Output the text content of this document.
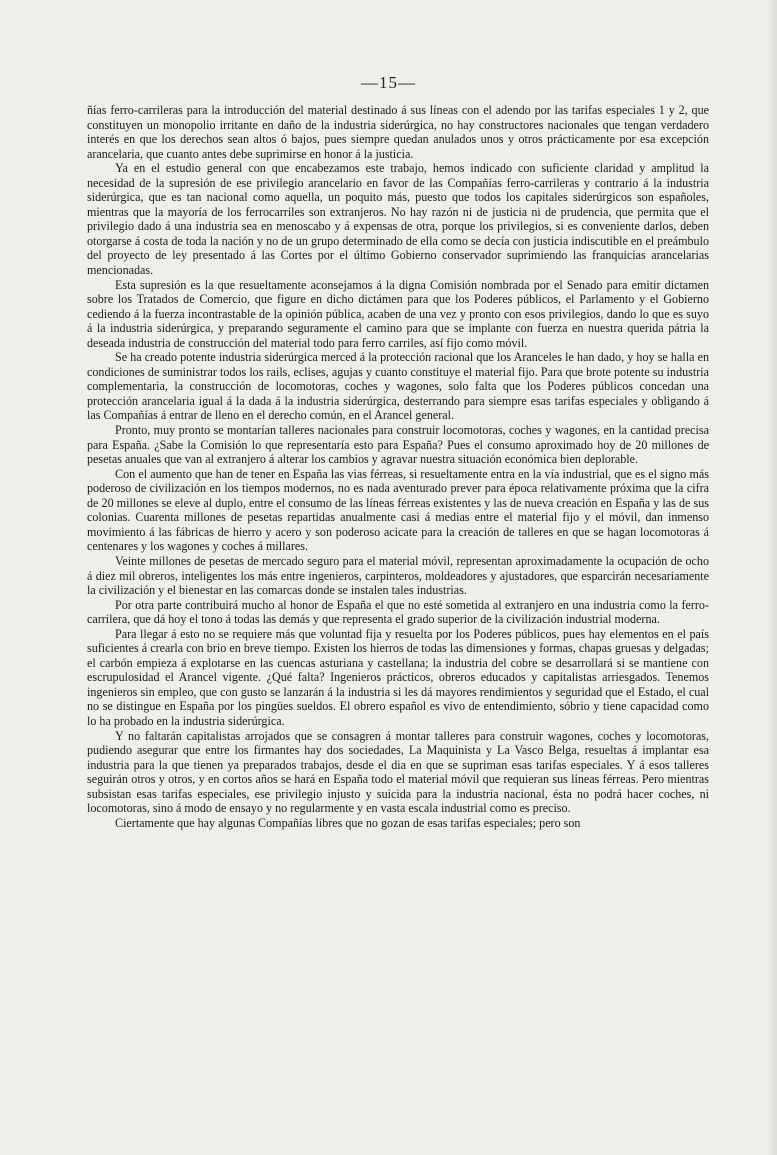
—15—

ñías ferro-carrileras para la introducción del material destinado á sus líneas con el adendo por las tarifas especiales 1 y 2, que constituyen un monopolio irritante en daño de la industria siderúrgica, no hay constructores nacionales que tengan verdadero interés en que los derechos sean altos ó bajos, pues siempre quedan anulados unos y otros prácticamente por esa excepción arancelaria, que cuanto antes debe suprimirse en honor á la justicia.

Ya en el estudio general con que encabezamos este trabajo, hemos indicado con suficiente claridad y amplitud la necesidad de la supresión de ese privilegio arancelario en favor de las Compañías ferro-carrileras y contrario á la industria siderúrgica, que es tan nacional como aquella, un poquito más, puesto que todos los capitales siderúrgicos son españoles, mientras que la mayoría de los ferrocarriles son extranjeros. No hay razón ni de justicia ni de prudencia, que permita que el privilegio dado á una industria sea en menoscabo y á expensas de otra, porque los privilegios, si es conveniente darlos, deben otorgarse á costa de toda la nación y no de un grupo determinado de ella como se decía con justicia indiscutible en el preámbulo del proyecto de ley presentado á las Cortes por el último Gobierno conservador suprimiendo las franquicias arancelarias mencionadas.

Esta supresión es la que resueltamente aconsejamos á la digna Comisión nombrada por el Senado para emitir dictamen sobre los Tratados de Comercio, que figure en dicho dictámen para que los Poderes públicos, el Parlamento y el Gobierno cediendo á la fuerza incontrastable de la opinión pública, acaben de una vez y pronto con esos privilegios, dando lo que es suyo á la industria siderúrgica, y preparando seguramente el camino para que se implante con fuerza en nuestra querida pátria la deseada industria de construcción del material todo para ferro carriles, así fijo como móvil.

Se ha creado potente industria siderúrgica merced á la protección racional que los Aranceles le han dado, y hoy se halla en condiciones de suministrar todos los rails, eclises, agujas y cuanto constituye el material fijo. Para que brote potente su industria complementaria, la construcción de locomotoras, coches y wagones, solo falta que los Poderes públicos concedan una protección arancelaria igual á la dada á la industria siderúrgica, desterrando para siempre esas tarifas especiales y obligando á las Compañías á entrar de lleno en el derecho común, en el Arancel general.

Pronto, muy pronto se montarían talleres nacionales para construir locomotoras, coches y wagones, en la cantidad precisa para España. ¿Sabe la Comisión lo que representaría esto para España? Pues el consumo aproximado hoy de 20 millones de pesetas anuales que van al extranjero á alterar los cambios y agravar nuestra situación económica bien deplorable.

Con el aumento que han de tener en España las vias férreas, si resueltamente entra en la vía industrial, que es el signo más poderoso de civilización en los tiempos modernos, no es nada aventurado prever para época relativamente próxima que la cifra de 20 millones se eleve al duplo, entre el consumo de las líneas férreas existentes y las de nueva creación en España y las de sus colonias. Cuarenta millones de pesetas repartidas anualmente casi á medias entre el material fijo y el móvil, dan inmenso movimiento á las fábricas de hierro y acero y son poderoso acicate para la creación de talleres en que se hagan locomotoras á centenares y los wagones y coches á millares.

Veinte millones de pesetas de mercado seguro para el material móvil, representan aproximadamente la ocupación de ocho á diez mil obreros, inteligentes los más entre ingenieros, carpinteros, moldeadores y ajustadores, que esparcirán necesariamente la civilización y el bienestar en las comarcas donde se instalen tales industrias.

Por otra parte contribuirá mucho al honor de España el que no esté sometida al extranjero en una industria como la ferro-carrilera, que dá hoy el tono á todas las demás y que representa el grado superior de la civilización industrial moderna.

Para llegar á esto no se requiere más que voluntad fija y resuelta por los Poderes públicos, pues hay elementos en el país suficientes á crearla con brio en breve tiempo. Existen los hierros de todas las dimensiones y formas, chapas gruesas y delgadas; el carbón empieza á explotarse en las cuencas asturiana y castellana; la industria del cobre se desarrollará si se mantiene con escrupulosidad el Arancel vigente. ¿Qué falta? Ingenieros prácticos, obreros educados y capitalistas arriesgados. Tenemos ingenieros sin empleo, que con gusto se lanzarán á la industria si les dá mayores rendimientos y seguridad que el Estado, el cual no se distingue en España por los pingües sueldos. El obrero español es vivo de entendimiento, sóbrio y tiene capacidad como lo ha probado en la industria siderúrgica.

Y no faltarán capitalistas arrojados que se consagren á montar talleres para construir wagones, coches y locomotoras, pudiendo asegurar que entre los firmantes hay dos sociedades, La Maquinista y La Vasco Belga, resueltas á implantar esa industria para la que tienen ya preparados trabajos, desde el dia en que se supriman esas tarifas especiales. Y á esos talleres seguirán otros y otros, y en cortos años se hará en España todo el material móvil que requieran sus líneas férreas. Pero mientras subsistan esas tarifas especiales, ese privilegio injusto y suicida para la industria nacional, ésta no podrá hacer coches, ni locomotoras, sino á modo de ensayo y no regularmente y en vasta escala industrial como es preciso.

Ciertamente que hay algunas Compañías libres que no gozan de esas tarifas especiales; pero son
